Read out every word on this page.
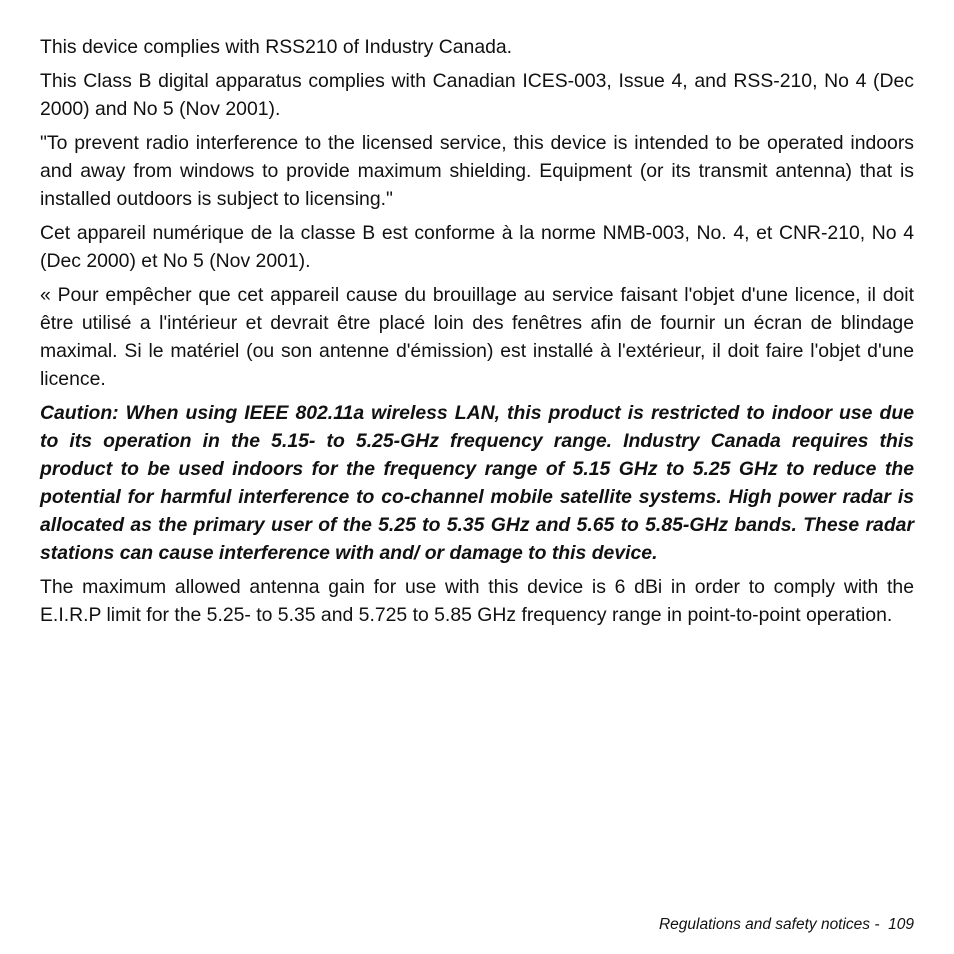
This device complies with RSS210 of Industry Canada.

This Class B digital apparatus complies with Canadian ICES-003, Issue 4, and RSS-210, No 4 (Dec 2000) and No 5 (Nov 2001).

"To prevent radio interference to the licensed service, this device is intended to be operated indoors and away from windows to provide maximum shielding. Equipment (or its transmit antenna) that is installed outdoors is subject to licensing."

Cet appareil numérique de la classe B est conforme à la norme NMB-003, No. 4, et CNR-210, No 4 (Dec 2000) et No 5 (Nov 2001).

« Pour empêcher que cet appareil cause du brouillage au service faisant l'objet d'une licence, il doit être utilisé a l'intérieur et devrait être placé loin des fenêtres afin de fournir un écran de blindage maximal. Si le matériel (ou son antenne d'émission) est installé à l'extérieur, il doit faire l'objet d'une licence.

Caution: When using IEEE 802.11a wireless LAN, this product is restricted to indoor use due to its operation in the 5.15- to 5.25-GHz frequency range. Industry Canada requires this product to be used indoors for the frequency range of 5.15 GHz to 5.25 GHz to reduce the potential for harmful interference to co-channel mobile satellite systems. High power radar is allocated as the primary user of the 5.25 to 5.35 GHz and 5.65 to 5.85-GHz bands. These radar stations can cause interference with and/ or damage to this device.

The maximum allowed antenna gain for use with this device is 6 dBi in order to comply with the E.I.R.P limit for the 5.25- to 5.35 and 5.725 to 5.85 GHz frequency range in point-to-point operation.

Regulations and safety notices -  109
